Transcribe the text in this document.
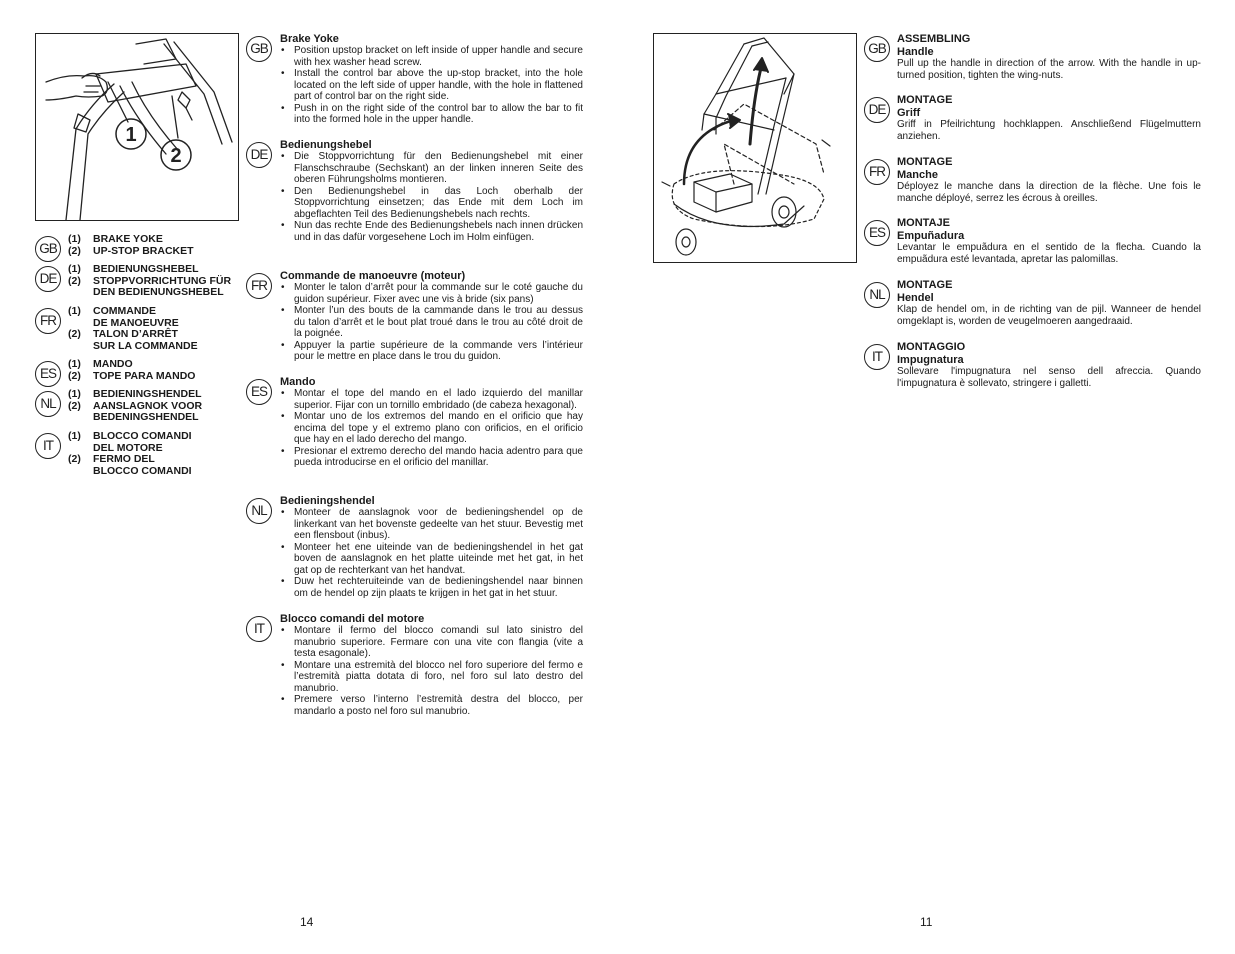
1
2
GB
(1)	BRAKE YOKE
(2)	UP-STOP BRACKET
DE
(1)	BEDIENUNGSHEBEL
(2)	STOPPVORRICHTUNG FÜR
DEN BEDIENUNGSHEBEL
FR
(1)	COMMANDE
DE MANOEUVRE
(2)	TALON D’ARRÊT
SUR LA COMMANDE
ES
(1)	MANDO
(2)	TOPE PARA MANDO
NL
(1)	BEDIENINGSHENDEL
(2)	AANSLAGNOK VOOR
BEDENINGSHENDEL
IT
(1)	BLOCCO COMANDI
DEL MOTORE
(2)	FERMO DEL
BLOCCO COMANDI
GB
Brake Yoke
• Position upstop bracket on left inside of upper handle and secure with hex washer head screw.
• Install the control bar above the up-stop bracket, into the hole located on the left side of upper handle, with the hole in flattened part of control bar on the right side.
• Push in on the right side of the control bar to allow the bar to fit into the formed hole in the upper handle.
DE
Bedienungshebel
• Die Stoppvorrichtung für den Bedienungshebel mit einer Flanschschraube (Sechskant) an der linken inneren Seite des oberen Führungsholms montieren.
• Den Bedienungshebel in das Loch oberhalb der Stoppvorrichtung einsetzen; das Ende mit dem Loch im abgeflachten Teil des Bedienungshebels nach rechts.
• Nun das rechte Ende des Bedienungshebels nach innen drücken und in das dafür vorgesehene Loch im Holm einfügen.
FR
Commande de manoeuvre (moteur)
• Monter le talon d’arrêt pour la commande sur le coté gauche du guidon supérieur. Fixer avec une vis à bride (six pans)
• Monter l’un des bouts de la cammande dans le trou au dessus du talon d’arrêt et le bout plat troué dans le trou au côté droit de la poignée.
• Appuyer la partie supérieure de la commande vers l’intérieur pour le mettre en place dans le trou du guidon.
ES
Mando
• Montar el tope del mando en el lado izquierdo del manillar superior. Fijar con un tornillo embridado (de cabeza hexagonal).
• Montar uno de los extremos del mando en el orificio que hay encima del tope y el extremo plano con orificios, en el orificio que hay en el lado derecho del mango.
• Presionar el extremo derecho del mando hacia adentro para que pueda introducirse en el orificio del manillar.
NL
Bedieningshendel
• Monteer de aanslagnok voor de bedieningshendel op de linkerkant van het bovenste gedeelte van het stuur. Bevestig met een flensbout (inbus).
• Monteer het ene uiteinde van de bedieningshendel in het gat boven de aanslagnok en het platte uiteinde met het gat, in het gat op de rechterkant van het handvat.
• Duw het rechteruiteinde van de bedieningshendel naar binnen om de hendel op zijn plaats te krijgen in het gat in het stuur.
IT
Blocco comandi del motore
• Montare il fermo del blocco comandi sul lato sinistro del manubrio superiore. Fermare con una vite con flangia (vite a testa esagonale).
• Montare una estremità del blocco nel foro superiore del fermo e l’estremità piatta dotata di foro, nel foro sul lato destro del manubrio.
• Premere verso l’interno l’estremità destra del blocco, per mandarlo a posto nel foro sul manubrio.
14
GB
ASSEMBLING
Handle
Pull up the handle in direction of the arrow. With the handle in up-turned position, tighten the wing-nuts.
DE
MONTAGE
Griff
Griff in Pfeilrichtung hochklappen. Anschließend Flügelmuttern anziehen.
FR
MONTAGE
Manche
Déployez le manche dans la direction de la flèche. Une fois le manche déployé, serrez les écrous à oreilles.
ES
MONTAJE
Empuñadura
Levantar le empuãdura en el sentido de la flecha. Cuando la empuãdura esté levantada, apretar las palomillas.
NL
MONTAGE
Hendel
Klap de hendel om, in de richting van de pijl. Wanneer de hendel omgeklapt is, worden de veugelmoeren aangedraaid.
IT
MONTAGGIO
Impugnatura
Sollevare l'impugnatura nel senso dell afreccia. Quando l'impugnatura è sollevato, stringere i galletti.
11
